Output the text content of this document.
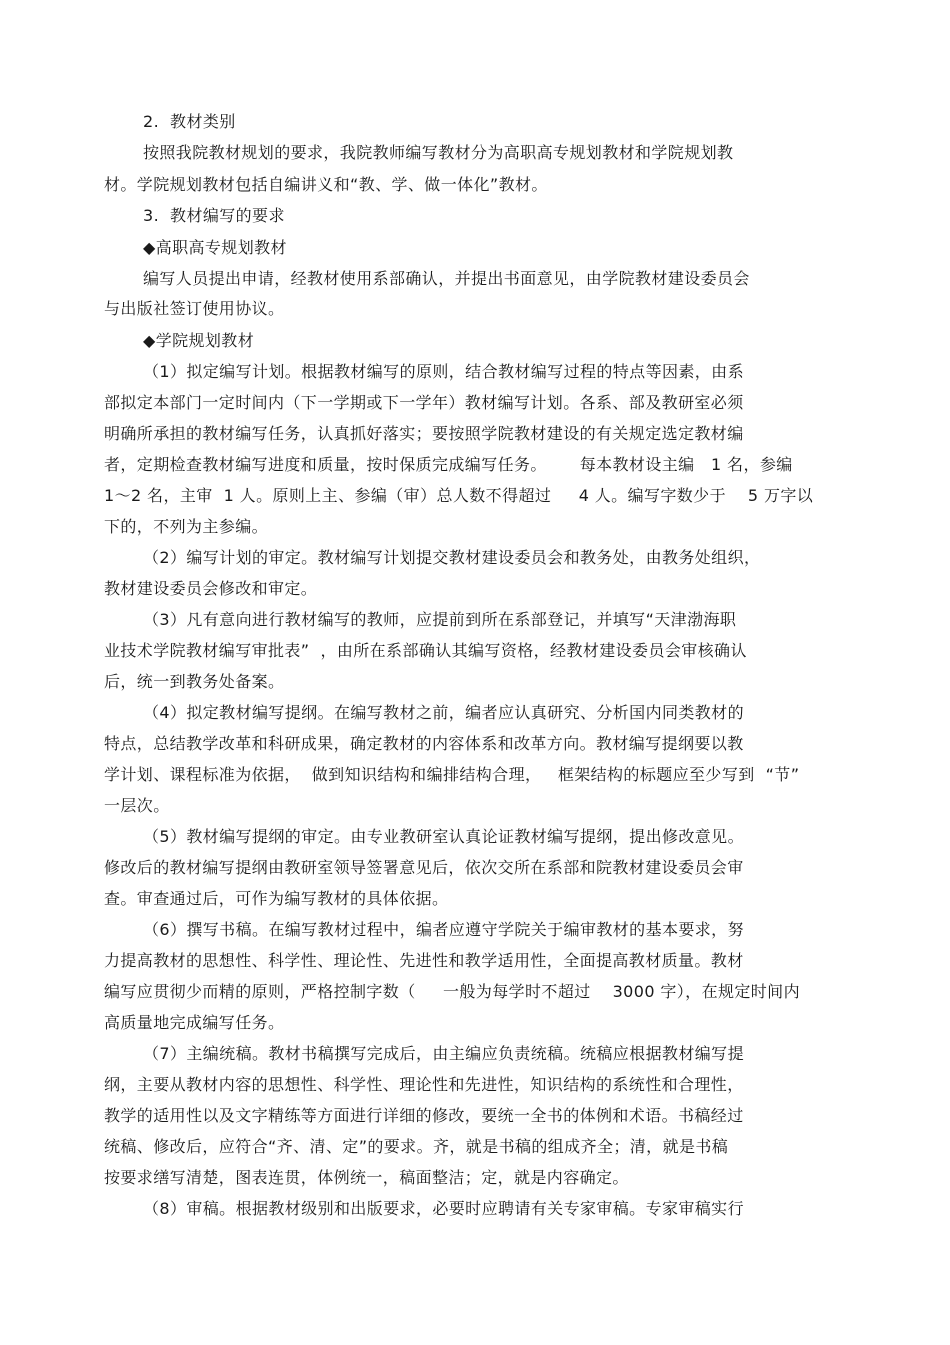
2.  教材类别
按照我院教材规划的要求，我院教师编写教材分为高职高专规划教材和学院规划教
材。学院规划教材包括自编讲义和“教、学、做一体化”教材。
3.  教材编写的要求
◆高职高专规划教材
编写人员提出申请，经教材使用系部确认，并提出书面意见，由学院教材建设委员会
与出版社签订使用协议。
◆学院规划教材
（1）拟定编写计划。根据教材编写的原则，结合教材编写过程的特点等因素，由系
部拟定本部门一定时间内（下一学期或下一学年）教材编写计划。各系、部及教研室必须
明确所承担的教材编写任务，认真抓好落实；要按照学院教材建设的有关规定选定教材编
者，定期检查教材编写进度和质量，按时保质完成编写任务。      每本教材设主编   1 名，参编
1～2 名，主审  1 人。原则上主、参编（审）总人数不得超过     4 人。编写字数少于    5 万字以
下的，不列为主参编。
（2）编写计划的审定。教材编写计划提交教材建设委员会和教务处，由教务处组织，
教材建设委员会修改和审定。
（3）凡有意向进行教材编写的教师，应提前到所在系部登记，并填写“天津渤海职
业技术学院教材编写审批表”  ，由所在系部确认其编写资格，经教材建设委员会审核确认
后，统一到教务处备案。
（4）拟定教材编写提纲。在编写教材之前，编者应认真研究、分析国内同类教材的
特点，总结教学改革和科研成果，确定教材的内容体系和改革方向。教材编写提纲要以教
学计划、课程标准为依据，  做到知识结构和编排结构合理，   框架结构的标题应至少写到  “节”
一层次。
（5）教材编写提纲的审定。由专业教研室认真论证教材编写提纲，提出修改意见。
修改后的教材编写提纲由教研室领导签署意见后，依次交所在系部和院教材建设委员会审
查。审查通过后，可作为编写教材的具体依据。
（6）撰写书稿。在编写教材过程中，编者应遵守学院关于编审教材的基本要求，努
力提高教材的思想性、科学性、理论性、先进性和教学适用性，全面提高教材质量。教材
编写应贯彻少而精的原则，严格控制字数（     一般为每学时不超过    3000 字），在规定时间内
高质量地完成编写任务。
（7）主编统稿。教材书稿撰写完成后，由主编应负责统稿。统稿应根据教材编写提
纲，主要从教材内容的思想性、科学性、理论性和先进性，知识结构的系统性和合理性，
教学的适用性以及文字精练等方面进行详细的修改，要统一全书的体例和术语。书稿经过
统稿、修改后，应符合“齐、清、定”的要求。齐，就是书稿的组成齐全；清，就是书稿
按要求缮写清楚，图表连贯，体例统一，稿面整洁；定，就是内容确定。
（8）审稿。根据教材级别和出版要求，必要时应聘请有关专家审稿。专家审稿实行
